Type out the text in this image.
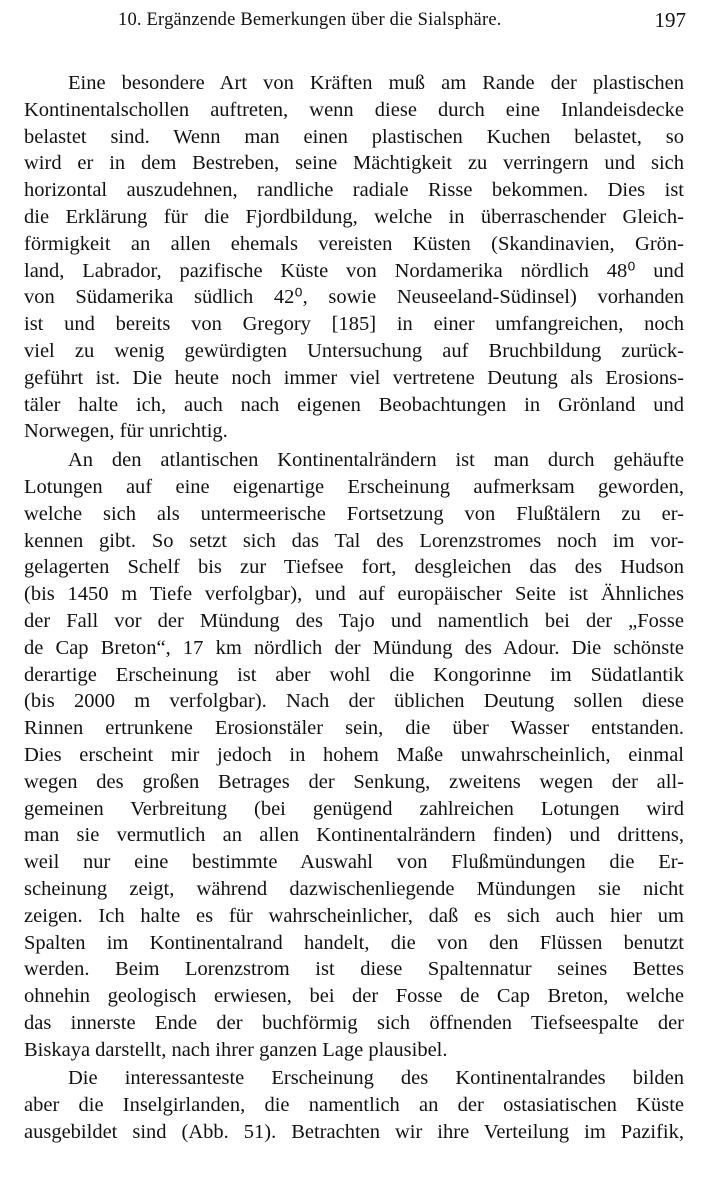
10. Ergänzende Bemerkungen über die Sialsphäre.	197
Eine besondere Art von Kräften muß am Rande der plastischen
Kontinentalschollen auftreten, wenn diese durch eine Inlandeisdecke
belastet sind. Wenn man einen plastischen Kuchen belastet, so
wird er in dem Bestreben, seine Mächtigkeit zu verringern und sich
horizontal auszudehnen, randliche radiale Risse bekommen. Dies ist
die Erklärung für die Fjordbildung, welche in überraschender Gleich-
förmigkeit an allen ehemals vereisten Küsten (Skandinavien, Grön-
land, Labrador, pazifische Küste von Nordamerika nördlich 48⁰ und
von Südamerika südlich 42⁰, sowie Neuseeland-Südinsel) vorhanden
ist und bereits von Gregory [185] in einer umfangreichen, noch
viel zu wenig gewürdigten Untersuchung auf Bruchbildung zurück-
geführt ist. Die heute noch immer viel vertretene Deutung als Erosions-
täler halte ich, auch nach eigenen Beobachtungen in Grönland und
Norwegen, für unrichtig.
An den atlantischen Kontinentalrändern ist man durch gehäufte
Lotungen auf eine eigenartige Erscheinung aufmerksam geworden,
welche sich als untermeerische Fortsetzung von Flußtälern zu er-
kennen gibt. So setzt sich das Tal des Lorenzstromes noch im vor-
gelagerten Schelf bis zur Tiefsee fort, desgleichen das des Hudson
(bis 1450 m Tiefe verfolgbar), und auf europäischer Seite ist Ähnliches
der Fall vor der Mündung des Tajo und namentlich bei der „Fosse
de Cap Breton“, 17 km nördlich der Mündung des Adour. Die schönste
derartige Erscheinung ist aber wohl die Kongorinne im Südatlantik
(bis 2000 m verfolgbar). Nach der üblichen Deutung sollen diese
Rinnen ertrunkene Erosionstäler sein, die über Wasser entstanden.
Dies erscheint mir jedoch in hohem Maße unwahrscheinlich, einmal
wegen des großen Betrages der Senkung, zweitens wegen der all-
gemeinen Verbreitung (bei genügend zahlreichen Lotungen wird
man sie vermutlich an allen Kontinentalrändern finden) und drittens,
weil nur eine bestimmte Auswahl von Flußmündungen die Er-
scheinung zeigt, während dazwischenliegende Mündungen sie nicht
zeigen. Ich halte es für wahrscheinlicher, daß es sich auch hier um
Spalten im Kontinentalrand handelt, die von den Flüssen benutzt
werden. Beim Lorenzstrom ist diese Spaltennatur seines Bettes
ohnehin geologisch erwiesen, bei der Fosse de Cap Breton, welche
das innerste Ende der buchförmig sich öffnenden Tiefseespalte der
Biskaya darstellt, nach ihrer ganzen Lage plausibel.
Die interessanteste Erscheinung des Kontinentalrandes bilden
aber die Inselgirlanden, die namentlich an der ostasiatischen Küste
ausgebildet sind (Abb. 51). Betrachten wir ihre Verteilung im Pazifik,
